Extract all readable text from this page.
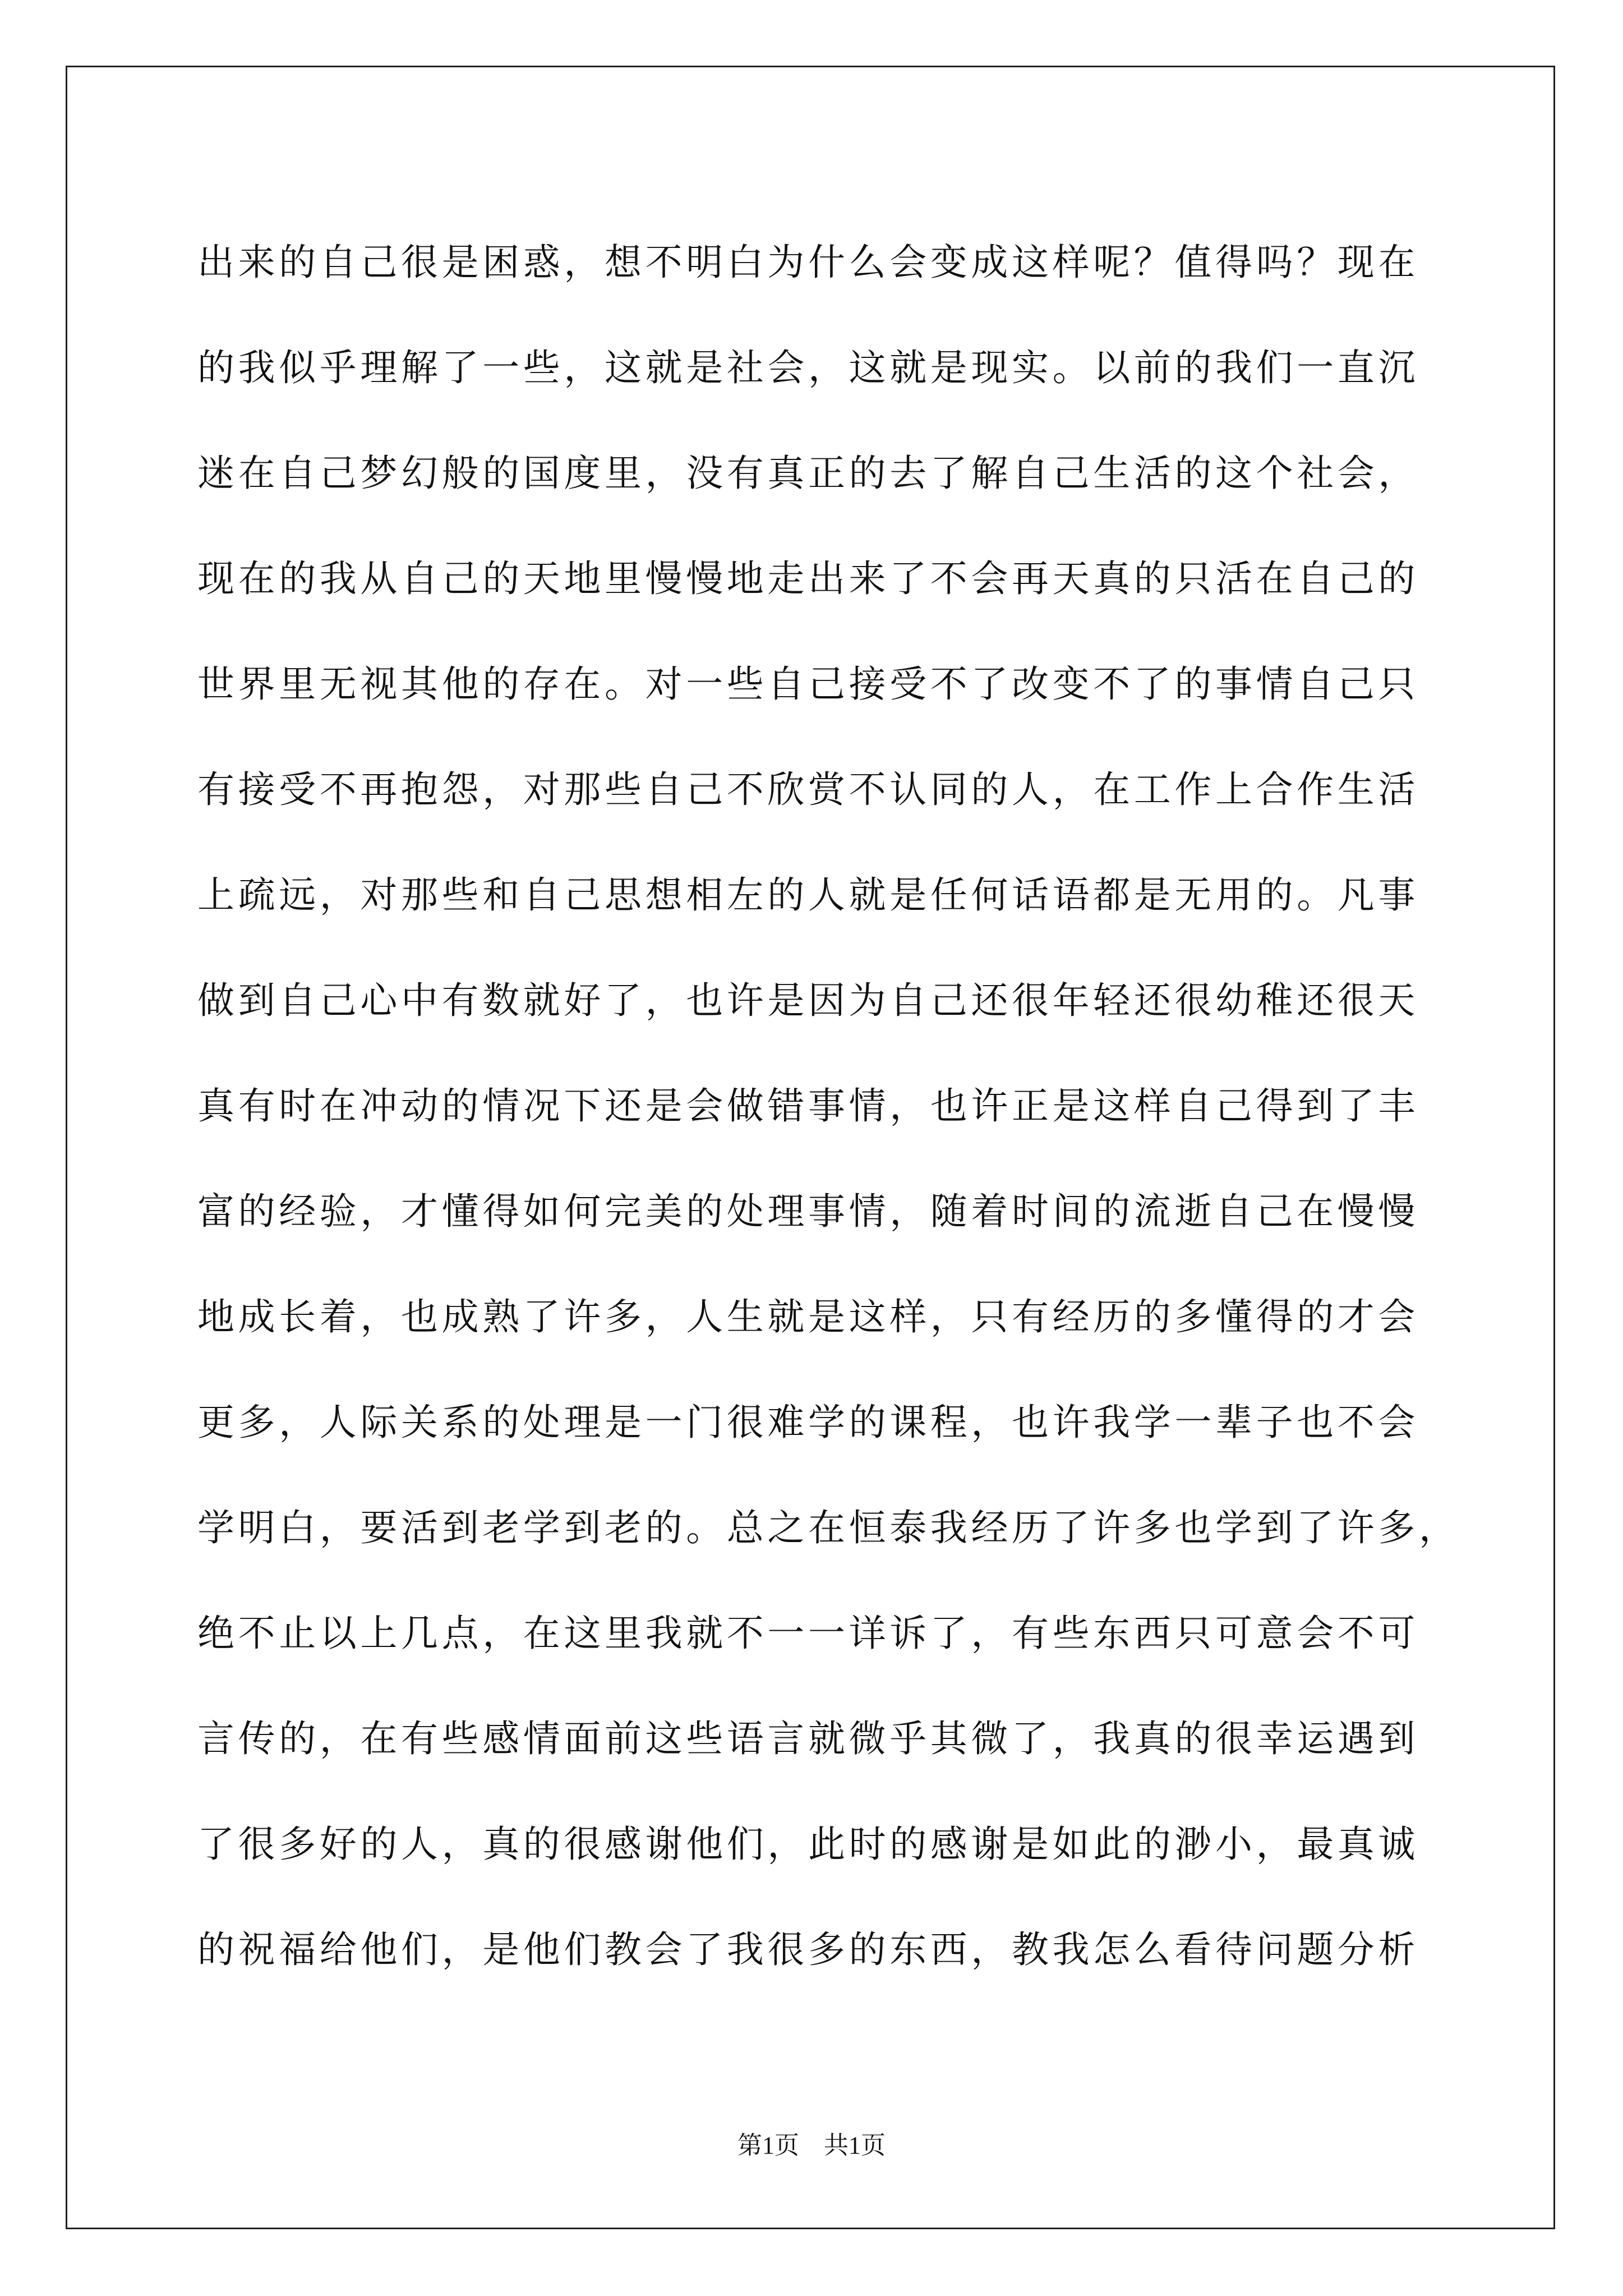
出来的自己很是困惑，想不明白为什么会变成这样呢？值得吗？现在
的我似乎理解了一些，这就是社会，这就是现实。以前的我们一直沉
迷在自己梦幻般的国度里，没有真正的去了解自己生活的这个社会，
现在的我从自己的天地里慢慢地走出来了不会再天真的只活在自己的
世界里无视其他的存在。对一些自己接受不了改变不了的事情自己只
有接受不再抱怨，对那些自己不欣赏不认同的人，在工作上合作生活
上疏远，对那些和自己思想相左的人就是任何话语都是无用的。凡事
做到自己心中有数就好了，也许是因为自己还很年轻还很幼稚还很天
真有时在冲动的情况下还是会做错事情，也许正是这样自己得到了丰
富的经验，才懂得如何完美的处理事情，随着时间的流逝自己在慢慢
地成长着，也成熟了许多，人生就是这样，只有经历的多懂得的才会
更多，人际关系的处理是一门很难学的课程，也许我学一辈子也不会
学明白，要活到老学到老的。总之在恒泰我经历了许多也学到了许多，
绝不止以上几点，在这里我就不一一详诉了，有些东西只可意会不可
言传的，在有些感情面前这些语言就微乎其微了，我真的很幸运遇到
了很多好的人，真的很感谢他们，此时的感谢是如此的渺小，最真诚
的祝福给他们，是他们教会了我很多的东西，教我怎么看待问题分析
第1页 共1页
